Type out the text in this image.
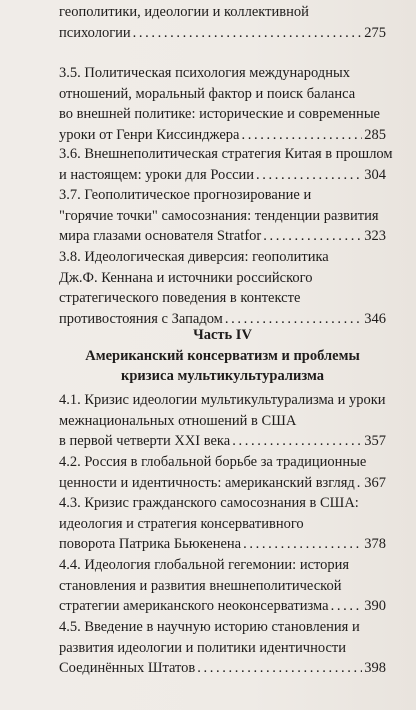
геополитики, идеологии и коллективной
психологии . . .	275
3.5. Политическая психология международных
отношений, моральный фактор и поиск баланса
во внешней политике: исторические и современные
уроки от Генри Киссинджера . . .	285
3.6. Внешнеполитическая стратегия Китая в прошлом
и настоящем: уроки для России . . .	304
3.7. Геополитическое прогнозирование и
"горячие точки" самосознания: тенденции развития
мира глазами основателя Stratfor . . .	323
3.8. Идеологическая диверсия: геополитика
Дж.Ф. Кеннана и источники российского
стратегического поведения в контексте
противостояния с Западом . . .	346
Часть IV
Американский консерватизм и проблемы
кризиса мультикультурализма
4.1. Кризис идеологии мультикультурализма и уроки
межнациональных отношений в США
в первой четверти XXI века . . .	357
4.2. Россия в глобальной борьбе за традиционные
ценности и идентичность: американский взгляд . . . 367
4.3. Кризис гражданского самосознания в США:
идеология и стратегия консервативного
поворота Патрика Бьюкенена . . .	378
4.4. Идеология глобальной гегемонии: история
становления и развития внешнеполитической
стратегии американского неоконсерватизма . . . 390
4.5. Введение в научную историю становления и
развития идеологии и политики идентичности
Соединённых Штатов . . .	398
